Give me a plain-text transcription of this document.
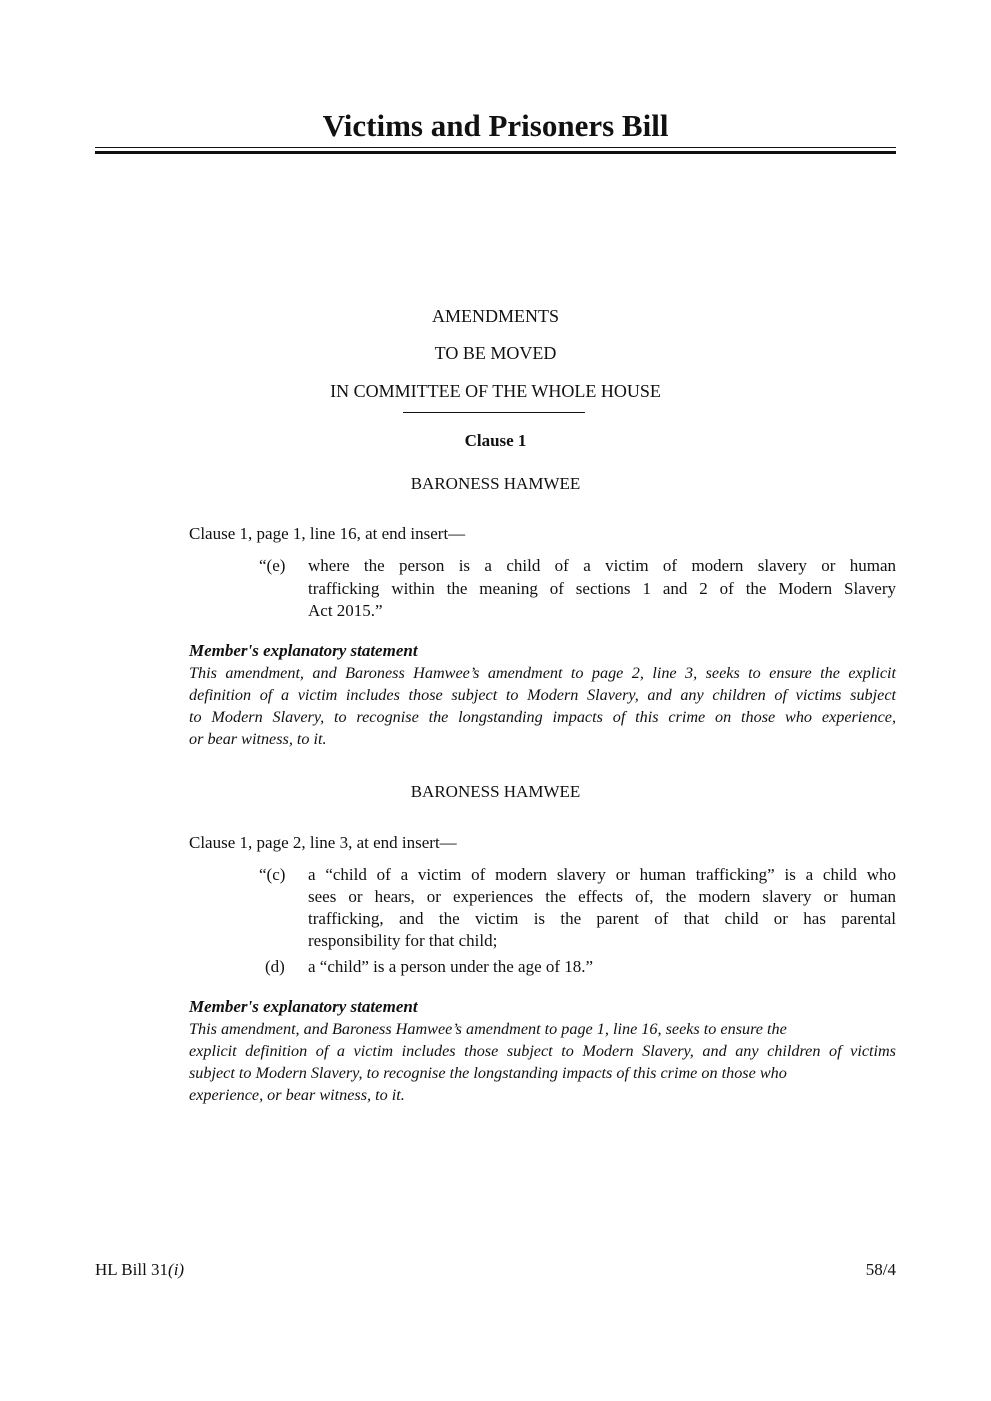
Victims and Prisoners Bill
AMENDMENTS
TO BE MOVED
IN COMMITTEE OF THE WHOLE HOUSE
Clause 1
BARONESS HAMWEE
Clause 1, page 1, line 16, at end insert—
“(e) where the person is a child of a victim of modern slavery or human
trafficking within the meaning of sections 1 and 2 of the Modern Slavery
Act 2015.”
Member's explanatory statement
This amendment, and Baroness Hamwee’s amendment to page 2, line 3, seeks to ensure the explicit
definition of a victim includes those subject to Modern Slavery, and any children of victims subject
to Modern Slavery, to recognise the longstanding impacts of this crime on those who experience,
or bear witness, to it.
BARONESS HAMWEE
Clause 1, page 2, line 3, at end insert—
“(c) a “child of a victim of modern slavery or human trafficking” is a child who
sees or hears, or experiences the effects of, the modern slavery or human
trafficking, and the victim is the parent of that child or has parental
responsibility for that child;
(d) a “child” is a person under the age of 18.”
Member's explanatory statement
This amendment, and Baroness Hamwee’s amendment to page 1, line 16, seeks to ensure the
explicit definition of a victim includes those subject to Modern Slavery, and any children of victims
subject to Modern Slavery, to recognise the longstanding impacts of this crime on those who
experience, or bear witness, to it.
HL Bill 31(i)	58/4
